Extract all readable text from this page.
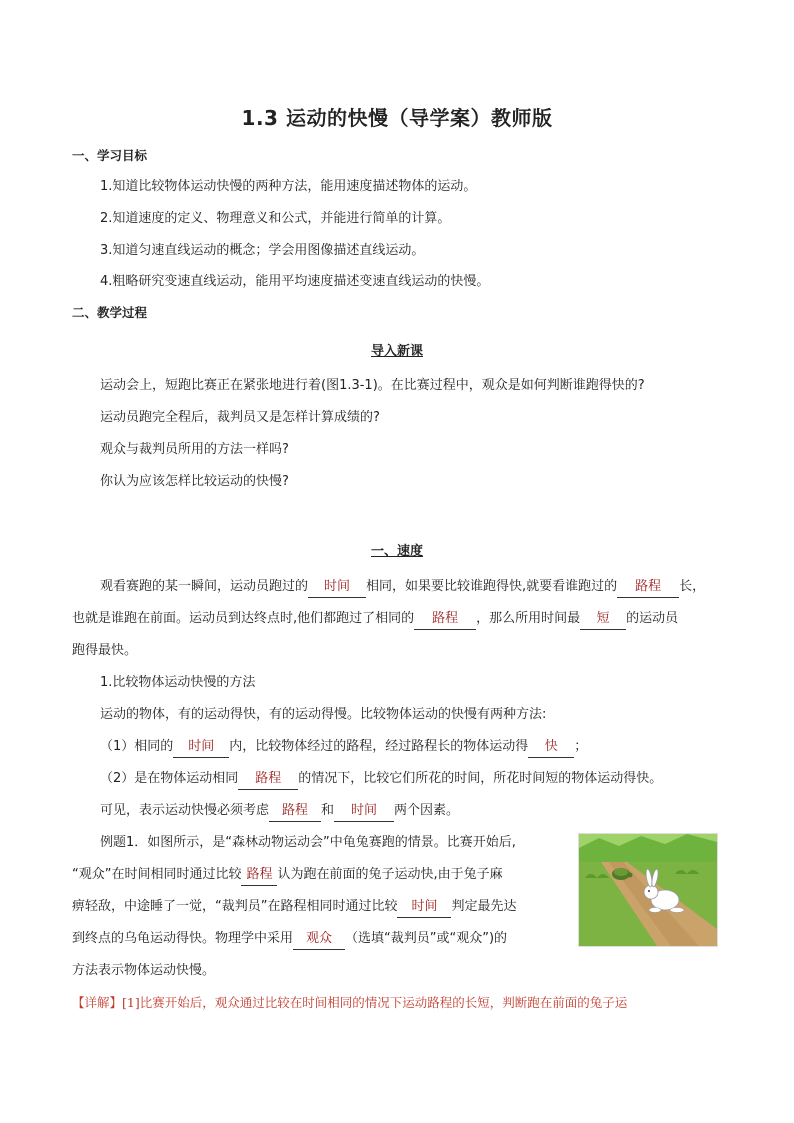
1.3 运动的快慢（导学案）教师版
一、学习目标
1.知道比较物体运动快慢的两种方法，能用速度描述物体的运动。
2.知道速度的定义、物理意义和公式，并能进行简单的计算。
3.知道匀速直线运动的概念；学会用图像描述直线运动。
4.粗略研究变速直线运动，能用平均速度描述变速直线运动的快慢。
二、教学过程
导入新课
运动会上，短跑比赛正在紧张地进行着(图1.3-1)。在比赛过程中，观众是如何判断谁跑得快的?
运动员跑完全程后，裁判员又是怎样计算成绩的?
观众与裁判员所用的方法一样吗?
你认为应该怎样比较运动的快慢?
一、速度
观看赛跑的某一瞬间，运动员跑过的 时间 相同，如果要比较谁跑得快,就要看谁跑过的 路程 长，
也就是谁跑在前面。运动员到达终点时,他们都跑过了相同的 路程 ，那么所用时间最 短 的运动员
跑得最快。
1.比较物体运动快慢的方法
运动的物体，有的运动得快，有的运动得慢。比较物体运动的快慢有两种方法:
（1）相同的 时间 内，比较物体经过的路程，经过路程长的物体运动得 快 ；
（2）是在物体运动相同 路程 的情况下，比较它们所花的时间，所花时间短的物体运动得快。
可见，表示运动快慢必须考虑 路程 和 时间 两个因素。
例题1．如图所示，是“森林动物运动会”中龟兔赛跑的情景。比赛开始后,
“观众”在时间相同时通过比较 路程 认为跑在前面的兔子运动快,由于兔子麻
痹轻敌，中途睡了一觉，“裁判员”在路程相同时通过比较 时间 判定最先达
到终点的乌龟运动得快。物理学中采用 观众 （选填“裁判员”或“观众”)的
方法表示物体运动快慢。
【详解】[1]比赛开始后，观众通过比较在时间相同的情况下运动路程的长短，判断跑在前面的兔子运
